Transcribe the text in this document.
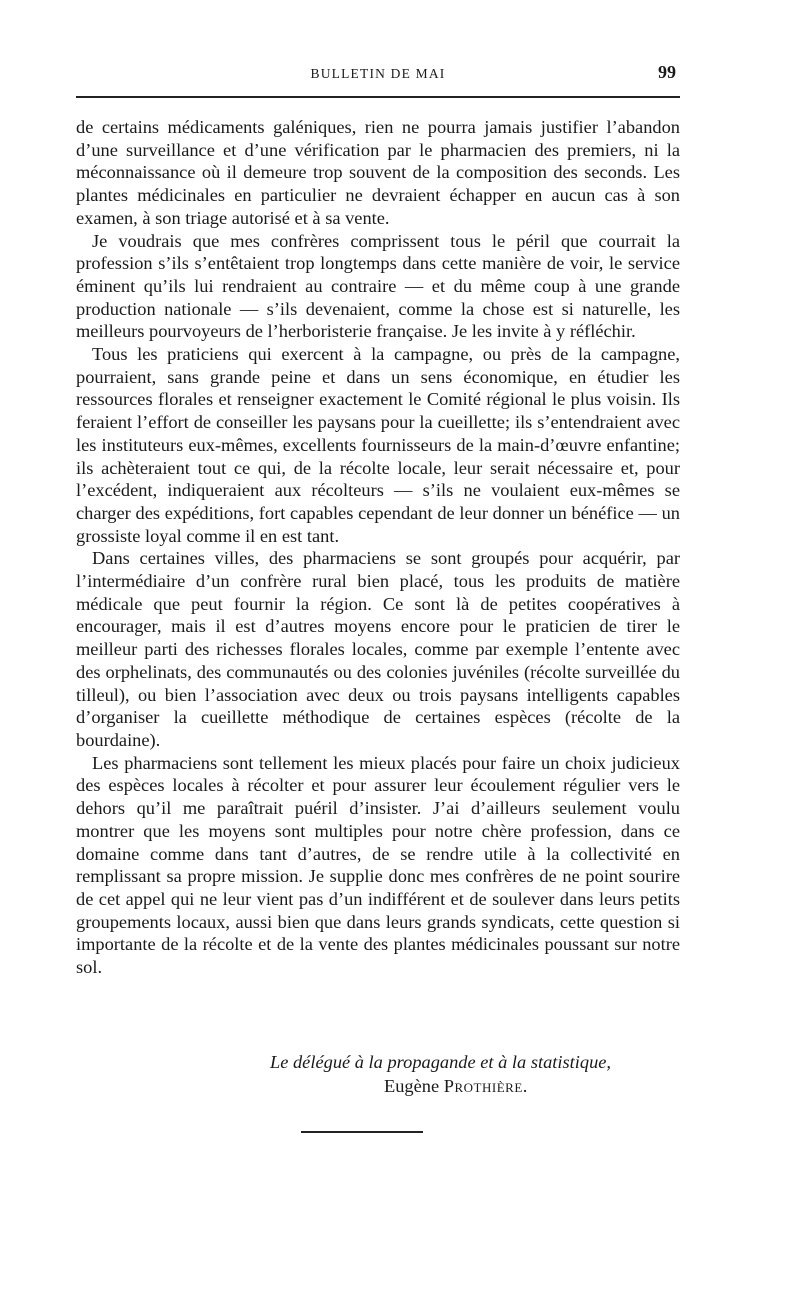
BULLETIN DE MAI	99

de certains médicaments galéniques, rien ne pourra jamais justifier l’abandon d’une surveillance et d’une vérification par le pharmacien des premiers, ni la méconnaissance où il demeure trop souvent de la composition des seconds. Les plantes médicinales en particulier ne devraient échapper en aucun cas à son examen, à son triage autorisé et à sa vente.

Je voudrais que mes confrères comprissent tous le péril que courrait la profession s’ils s’entêtaient trop longtemps dans cette manière de voir, le service éminent qu’ils lui rendraient au contraire — et du même coup à une grande production nationale — s’ils devenaient, comme la chose est si naturelle, les meilleurs pourvoyeurs de l’herboristerie française. Je les invite à y réfléchir.

Tous les praticiens qui exercent à la campagne, ou près de la campagne, pourraient, sans grande peine et dans un sens économique, en étudier les ressources florales et renseigner exactement le Comité régional le plus voisin. Ils feraient l’effort de conseiller les paysans pour la cueillette; ils s’entendraient avec les instituteurs eux-mêmes, excellents fournisseurs de la main-d’œuvre enfantine; ils achèteraient tout ce qui, de la récolte locale, leur serait nécessaire et, pour l’excédent, indiqueraient aux récolteurs — s’ils ne voulaient eux-mêmes se charger des expéditions, fort capables cependant de leur donner un bénéfice — un grossiste loyal comme il en est tant.

Dans certaines villes, des pharmaciens se sont groupés pour acquérir, par l’intermédiaire d’un confrère rural bien placé, tous les produits de matière médicale que peut fournir la région. Ce sont là de petites coopératives à encourager, mais il est d’autres moyens encore pour le praticien de tirer le meilleur parti des richesses florales locales, comme par exemple l’entente avec des orphelinats, des communautés ou des colonies juvéniles (récolte surveillée du tilleul), ou bien l’association avec deux ou trois paysans intelligents capables d’organiser la cueillette méthodique de certaines espèces (récolte de la bourdaine).

Les pharmaciens sont tellement les mieux placés pour faire un choix judicieux des espèces locales à récolter et pour assurer leur écoulement régulier vers le dehors qu’il me paraîtrait puéril d’insister. J’ai d’ailleurs seulement voulu montrer que les moyens sont multiples pour notre chère profession, dans ce domaine comme dans tant d’autres, de se rendre utile à la collectivité en remplissant sa propre mission. Je supplie donc mes confrères de ne point sourire de cet appel qui ne leur vient pas d’un indifférent et de soulever dans leurs petits groupements locaux, aussi bien que dans leurs grands syndicats, cette question si importante de la récolte et de la vente des plantes médicinales poussant sur notre sol.

Le délégué à la propagande et à la statistique,
Eugène Prothière.
